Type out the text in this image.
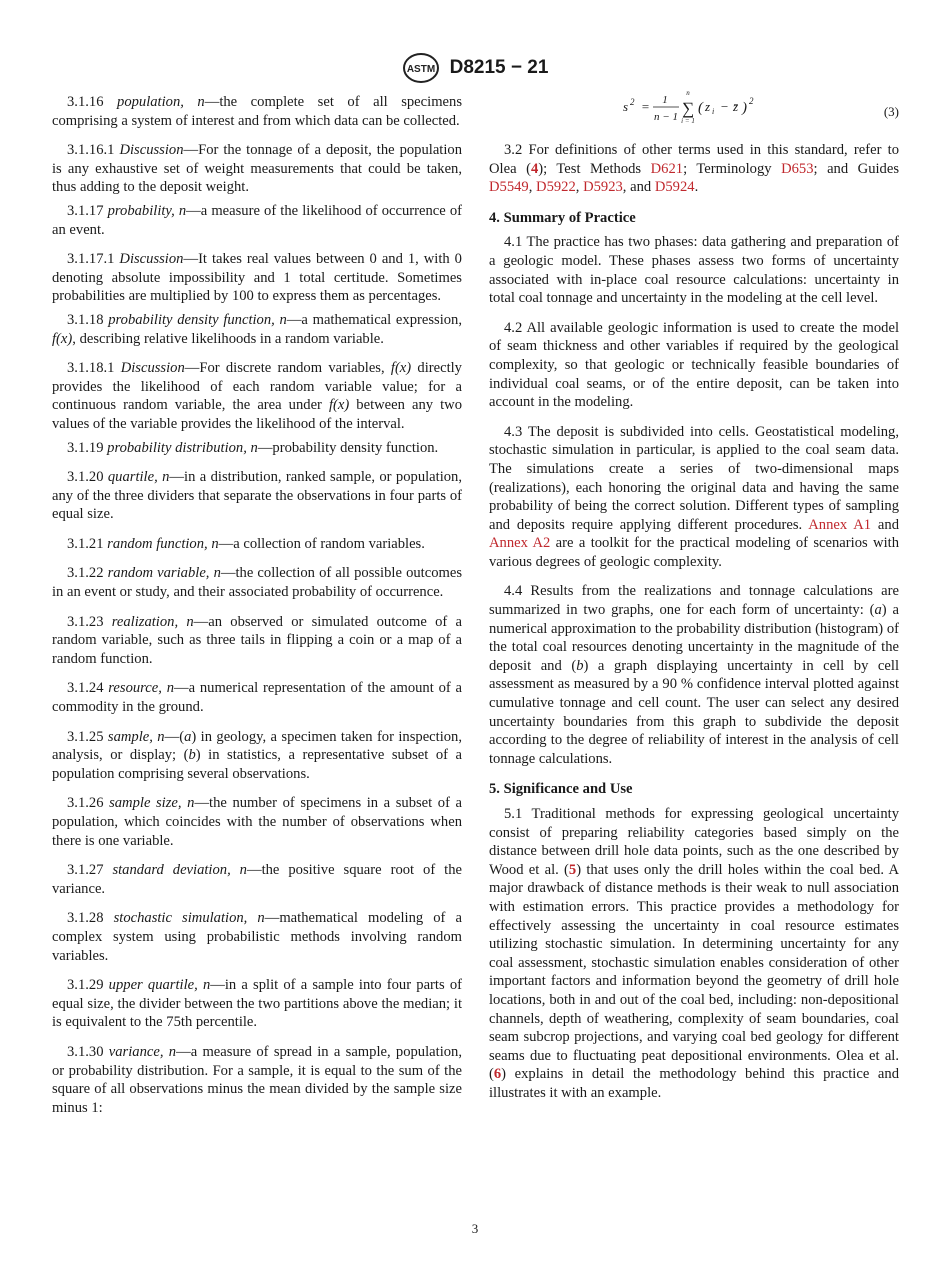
ASTM D8215 − 21

3.1.16 population, n—the complete set of all specimens comprising a system of interest and from which data can be collected.

3.1.16.1 Discussion—For the tonnage of a deposit, the population is any exhaustive set of weight measurements that could be taken, thus adding to the deposit weight.

3.1.17 probability, n—a measure of the likelihood of occurrence of an event.

3.1.17.1 Discussion—It takes real values between 0 and 1, with 0 denoting absolute impossibility and 1 total certitude. Sometimes probabilities are multiplied by 100 to express them as percentages.

3.1.18 probability density function, n—a mathematical expression, f(x), describing relative likelihoods in a random variable.

3.1.18.1 Discussion—For discrete random variables, f(x) directly provides the likelihood of each random variable value; for a continuous random variable, the area under f(x) between any two values of the variable provides the likelihood of the interval.

3.1.19 probability distribution, n—probability density function.

3.1.20 quartile, n—in a distribution, ranked sample, or population, any of the three dividers that separate the observations in four parts of equal size.

3.1.21 random function, n—a collection of random variables.

3.1.22 random variable, n—the collection of all possible outcomes in an event or study, and their associated probability of occurrence.

3.1.23 realization, n—an observed or simulated outcome of a random variable, such as three tails in flipping a coin or a map of a random function.

3.1.24 resource, n—a numerical representation of the amount of a commodity in the ground.

3.1.25 sample, n—(a) in geology, a specimen taken for inspection, analysis, or display; (b) in statistics, a representative subset of a population comprising several observations.

3.1.26 sample size, n—the number of specimens in a subset of a population, which coincides with the number of observations when there is one variable.

3.1.27 standard deviation, n—the positive square root of the variance.

3.1.28 stochastic simulation, n—mathematical modeling of a complex system using probabilistic methods involving random variables.

3.1.29 upper quartile, n—in a split of a sample into four parts of equal size, the divider between the two partitions above the median; it is equivalent to the 75th percentile.

3.1.30 variance, n—a measure of spread in a sample, population, or probability distribution. For a sample, it is equal to the sum of the square of all observations minus the mean divided by the sample size minus 1:

s 2 = 1
n − 1
n
∑
i = 1
( z i − z̄ ) 2
(3)

3.2 For definitions of other terms used in this standard, refer to Olea (4); Test Methods D621; Terminology D653; and Guides D5549, D5922, D5923, and D5924.

4. Summary of Practice

4.1 The practice has two phases: data gathering and preparation of a geologic model. These phases assess two forms of uncertainty associated with in-place coal resource calculations: uncertainty in total coal tonnage and uncertainty in the modeling at the cell level.

4.2 All available geologic information is used to create the model of seam thickness and other variables if required by the geological complexity, so that geologic or technically feasible boundaries of individual coal seams, or of the entire deposit, can be taken into account in the modeling.

4.3 The deposit is subdivided into cells. Geostatistical modeling, stochastic simulation in particular, is applied to the coal seam data. The simulations create a series of two-dimensional maps (realizations), each honoring the original data and having the same probability of being the correct solution. Different types of sampling and deposits require applying different procedures. Annex A1 and Annex A2 are a toolkit for the practical modeling of scenarios with various degrees of geologic complexity.

4.4 Results from the realizations and tonnage calculations are summarized in two graphs, one for each form of uncertainty: (a) a numerical approximation to the probability distribution (histogram) of the total coal resources denoting uncertainty in the magnitude of the deposit and (b) a graph displaying uncertainty in cell by cell assessment as measured by a 90 % confidence interval plotted against cumulative tonnage and cell count. The user can select any desired uncertainty boundaries from this graph to subdivide the deposit according to the degree of reliability of interest in the analysis of cell tonnage calculations.

5. Significance and Use

5.1 Traditional methods for expressing geological uncertainty consist of preparing reliability categories based simply on the distance between drill hole data points, such as the one described by Wood et al. (5) that uses only the drill holes within the coal bed. A major drawback of distance methods is their weak to null association with estimation errors. This practice provides a methodology for effectively assessing the uncertainty in coal resource estimates utilizing stochastic simulation. In determining uncertainty for any coal assessment, stochastic simulation enables consideration of other important factors and information beyond the geometry of drill hole locations, both in and out of the coal bed, including: non-depositional channels, depth of weathering, complexity of seam boundaries, coal seam subcrop projections, and varying coal bed geology for different seams due to fluctuating peat depositional environments. Olea et al. (6) explains in detail the methodology behind this practice and illustrates it with an example.

3
